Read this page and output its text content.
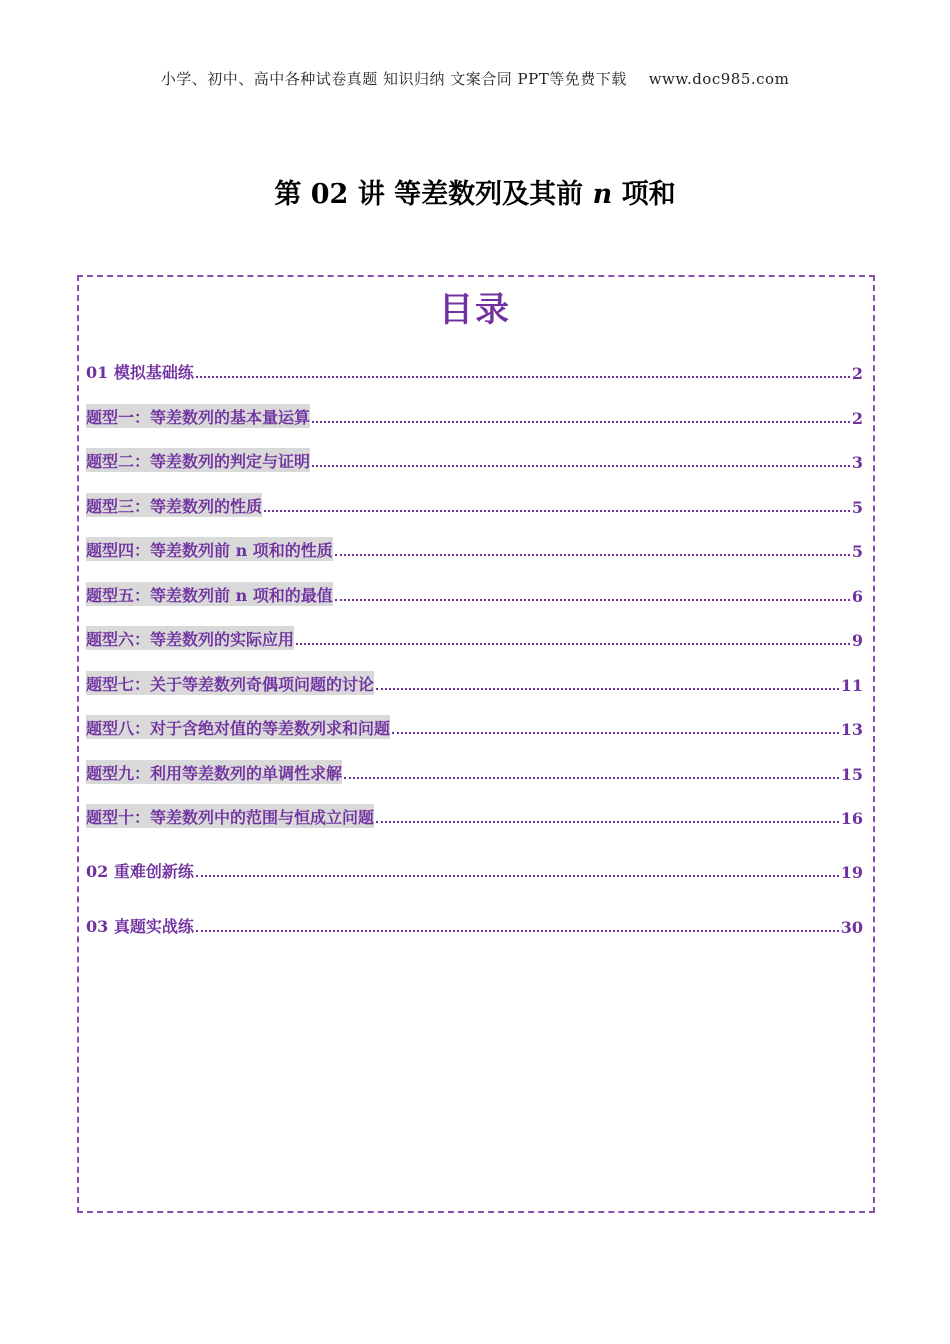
小学、初中、高中各种试卷真题 知识归纳 文案合同 PPT等免费下载 www.doc985.com
第 02 讲 等差数列及其前 n 项和
目录
01 模拟基础练	2
题型一：等差数列的基本量运算	2
题型二：等差数列的判定与证明	3
题型三：等差数列的性质	5
题型四：等差数列前 n 项和的性质	5
题型五：等差数列前 n 项和的最值	6
题型六：等差数列的实际应用	9
题型七：关于等差数列奇偶项问题的讨论	11
题型八：对于含绝对值的等差数列求和问题	13
题型九：利用等差数列的单调性求解	15
题型十：等差数列中的范围与恒成立问题	16
02 重难创新练	19
03 真题实战练	30
